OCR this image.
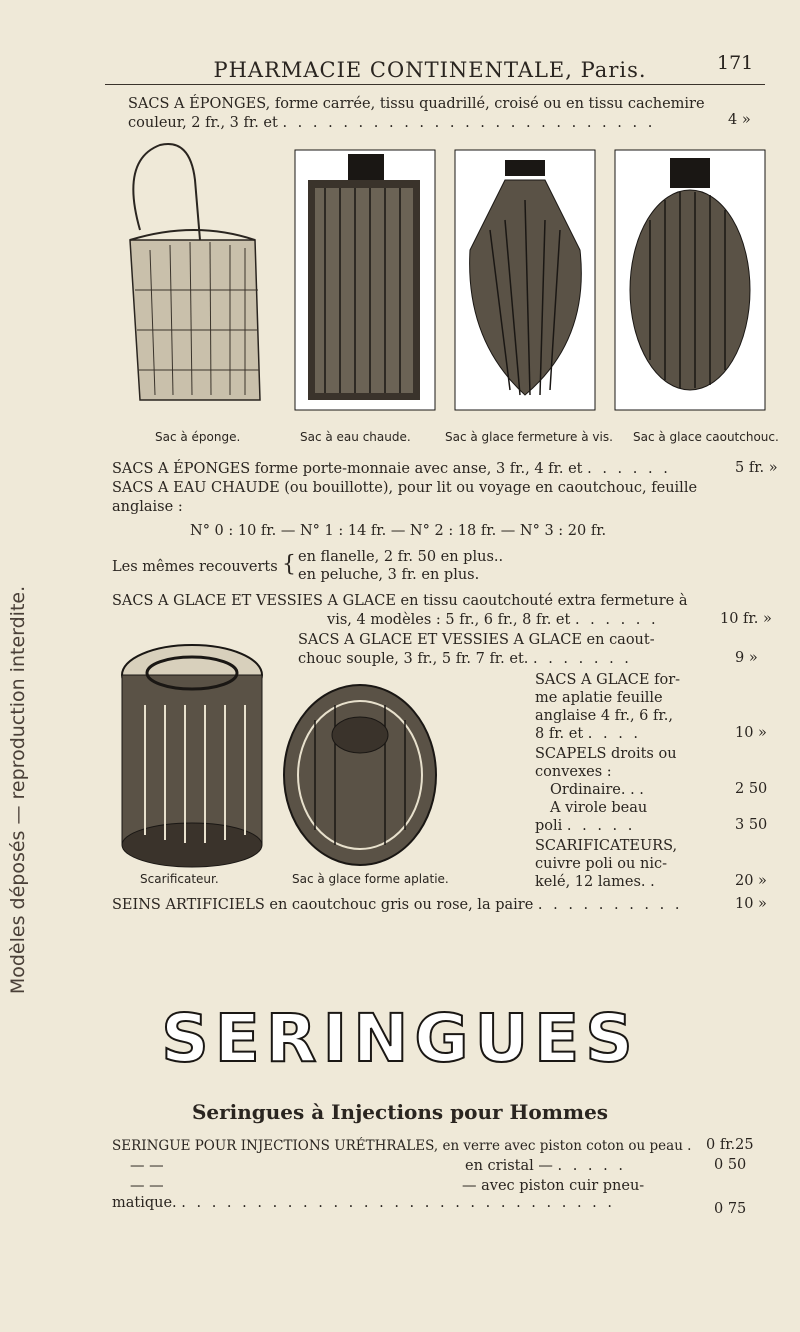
PHARMACIE CONTINENTALE, Paris.	171
Modèles déposés — reproduction interdite.
SACS A ÉPONGES, forme carrée, tissu quadrillé, croisé ou en tissu cachemire
couleur, 2 fr., 3 fr. et . . . . . . . . . . . . . . . . . . . . . . . . .	4 »
Sac à éponge.	Sac à eau chaude.	Sac à glace fermeture à vis. Sac à glace caoutchouc.
SACS A ÉPONGES forme porte-monnaie avec anse, 3 fr., 4 fr. et . . . . . .	5 fr. »
SACS A EAU CHAUDE (ou bouillotte), pour lit ou voyage en caoutchouc, feuille
anglaise :
N° 0 : 10 fr. — N° 1 : 14 fr. — N° 2 : 18 fr. — N° 3 : 20 fr.
Les mêmes recouverts { en flanelle, 2 fr. 50 en plus..
en peluche, 3 fr. en plus.
SACS A GLACE ET VESSIES A GLACE en tissu caoutchouté extra fermeture à
vis, 4 modèles : 5 fr., 6 fr., 8 fr. et . . . . . .	10 fr. »
Scarificateur.	Sac à glace forme aplatie.
SACS A GLACE ET VESSIES A GLACE en caout-
chouc souple, 3 fr., 5 fr. 7 fr. et. . . . . . . .	9 »
SACS A GLACE for-
me aplatie feuille
anglaise 4 fr., 6 fr.,
8 fr. et . . . .	10 »
SCAPELS droits ou
convexes :
Ordinaire. . .	2 50
A virole beau
poli . . . . .	3 50
SCARIFICATEURS,
cuivre poli ou nic-
kelé, 12 lames. .	20 »
SEINS ARTIFICIELS en caoutchouc gris ou rose, la paire . . . . . . . . . .	10 »
SERINGUES
Seringues à Injections pour Hommes
SERINGUE POUR INJECTIONS URÉTHRALES, en verre avec piston coton ou peau . 0 fr.25
— —	en cristal — . . . . .	0 50
— —	— avec piston cuir pneu-
matique. . . . . . . . . . . . . . . . . . . . . . . . . . . . . .	0 75
